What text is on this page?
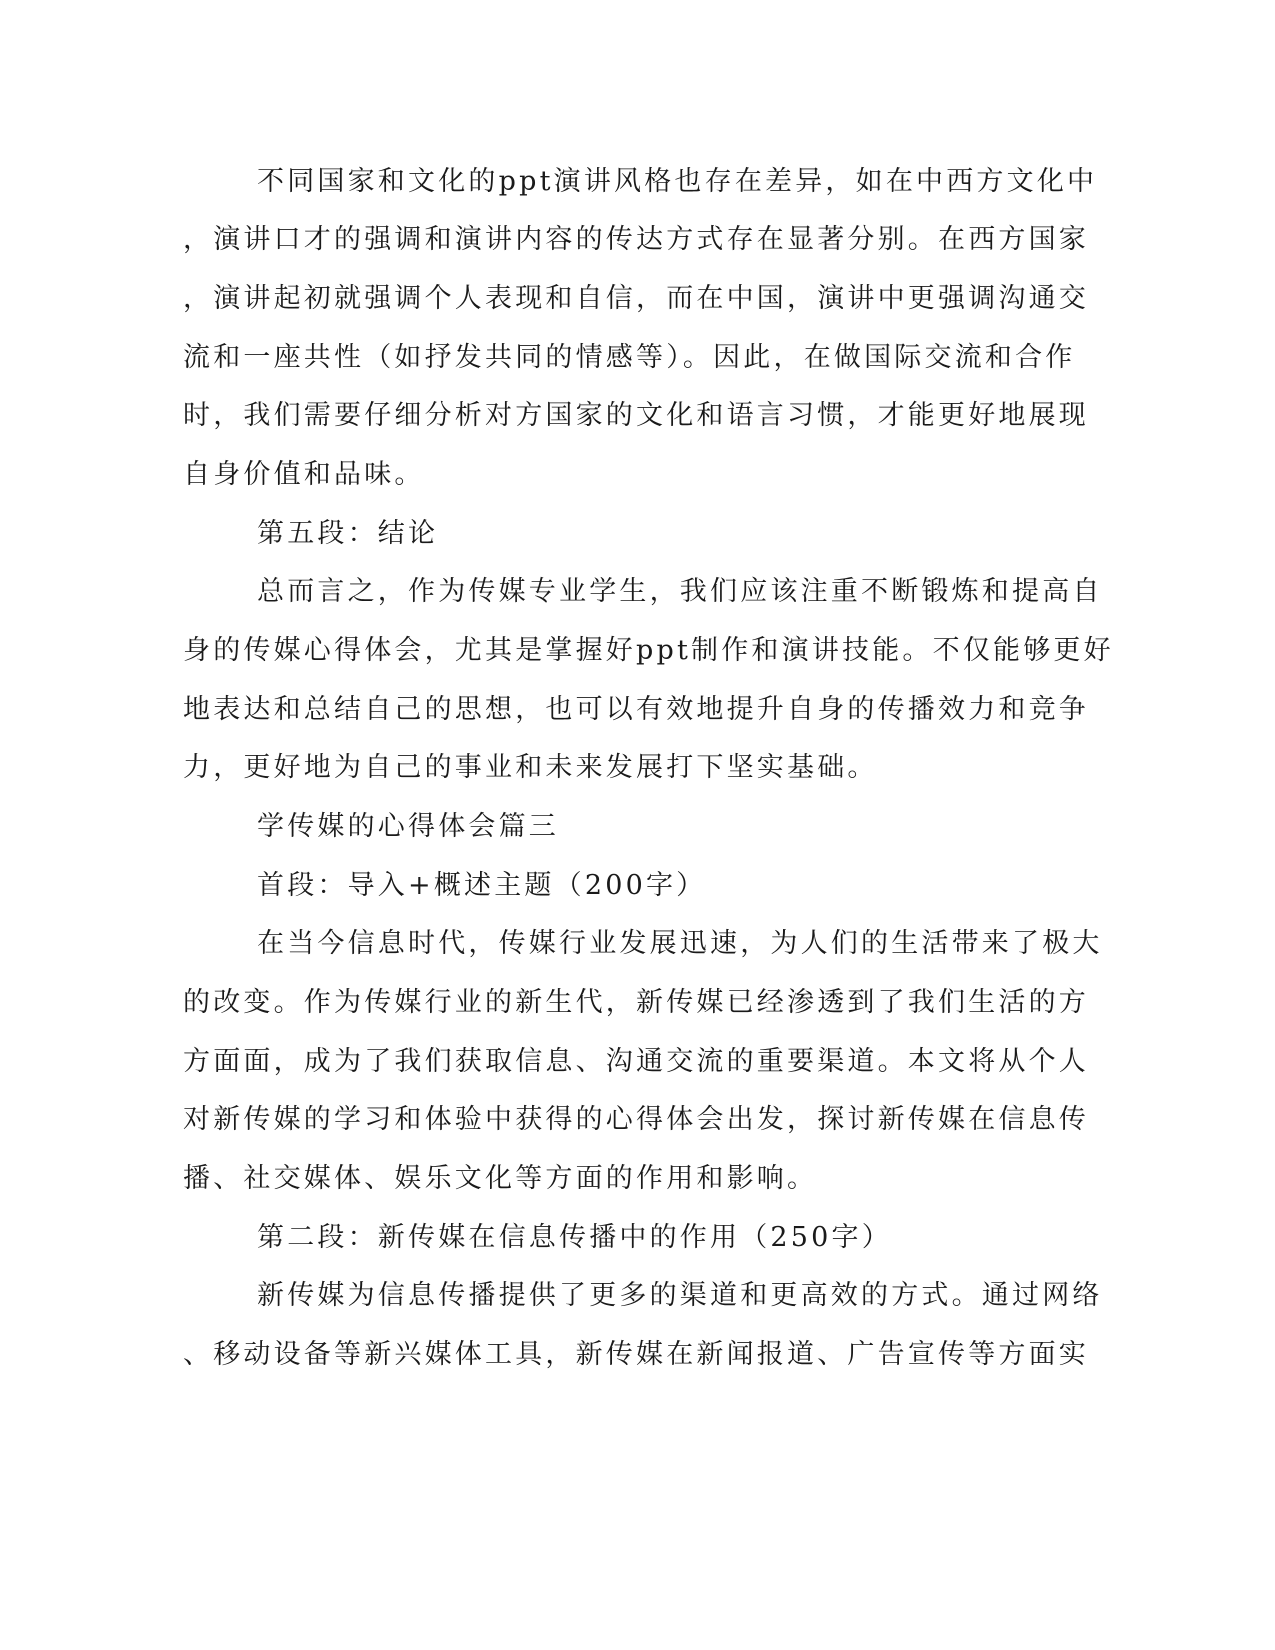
不同国家和文化的ppt演讲风格也存在差异，如在中西方文化中
，演讲口才的强调和演讲内容的传达方式存在显著分别。在西方国家
，演讲起初就强调个人表现和自信，而在中国，演讲中更强调沟通交
流和一座共性（如抒发共同的情感等）。因此，在做国际交流和合作
时，我们需要仔细分析对方国家的文化和语言习惯，才能更好地展现
自身价值和品味。
第五段：结论
总而言之，作为传媒专业学生，我们应该注重不断锻炼和提高自
身的传媒心得体会，尤其是掌握好ppt制作和演讲技能。不仅能够更好
地表达和总结自己的思想，也可以有效地提升自身的传播效力和竞争
力，更好地为自己的事业和未来发展打下坚实基础。
学传媒的心得体会篇三
首段：导入+概述主题（200字）
在当今信息时代，传媒行业发展迅速，为人们的生活带来了极大
的改变。作为传媒行业的新生代，新传媒已经渗透到了我们生活的方
方面面，成为了我们获取信息、沟通交流的重要渠道。本文将从个人
对新传媒的学习和体验中获得的心得体会出发，探讨新传媒在信息传
播、社交媒体、娱乐文化等方面的作用和影响。
第二段：新传媒在信息传播中的作用（250字）
新传媒为信息传播提供了更多的渠道和更高效的方式。通过网络
、移动设备等新兴媒体工具，新传媒在新闻报道、广告宣传等方面实
